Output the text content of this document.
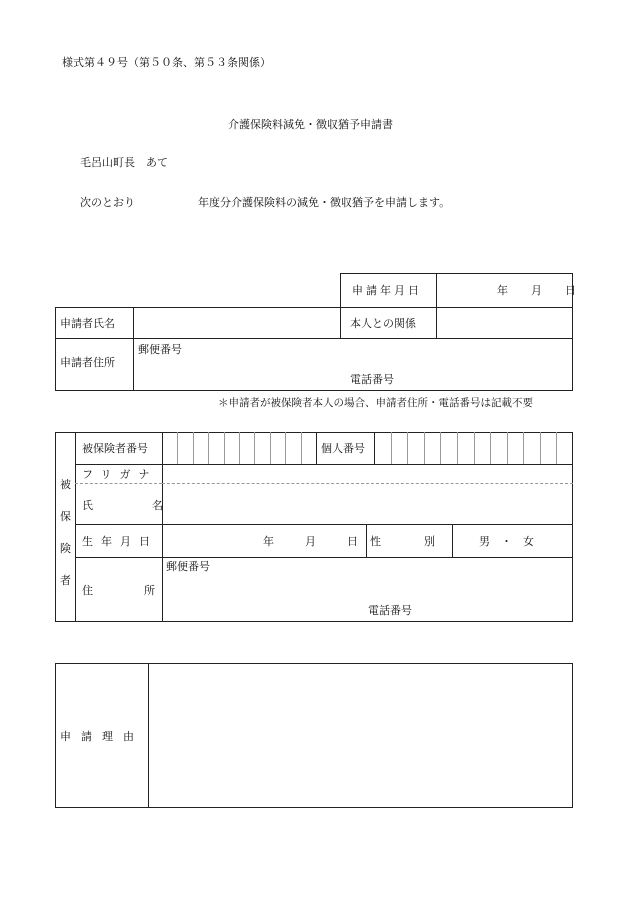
様式第４９号（第５０条、第５３条関係）
介護保険料減免・徴収猶予申請書
毛呂山町長　あて
次のとおり	年度分介護保険料の減免・徴収猶予を申請します。
申請年月日	年　月　日
申請者氏名	本人との関係
申請者住所
郵便番号
電話番号
＊申請者が被保険者本人の場合、申請者住所・電話番号は記載不要
被
保
険
者
被保険者番号	個人番号
フリガナ
氏　名
生年月日	年　月　日 性　別	男　・　女
住　所
郵便番号
電話番号
申請理由
